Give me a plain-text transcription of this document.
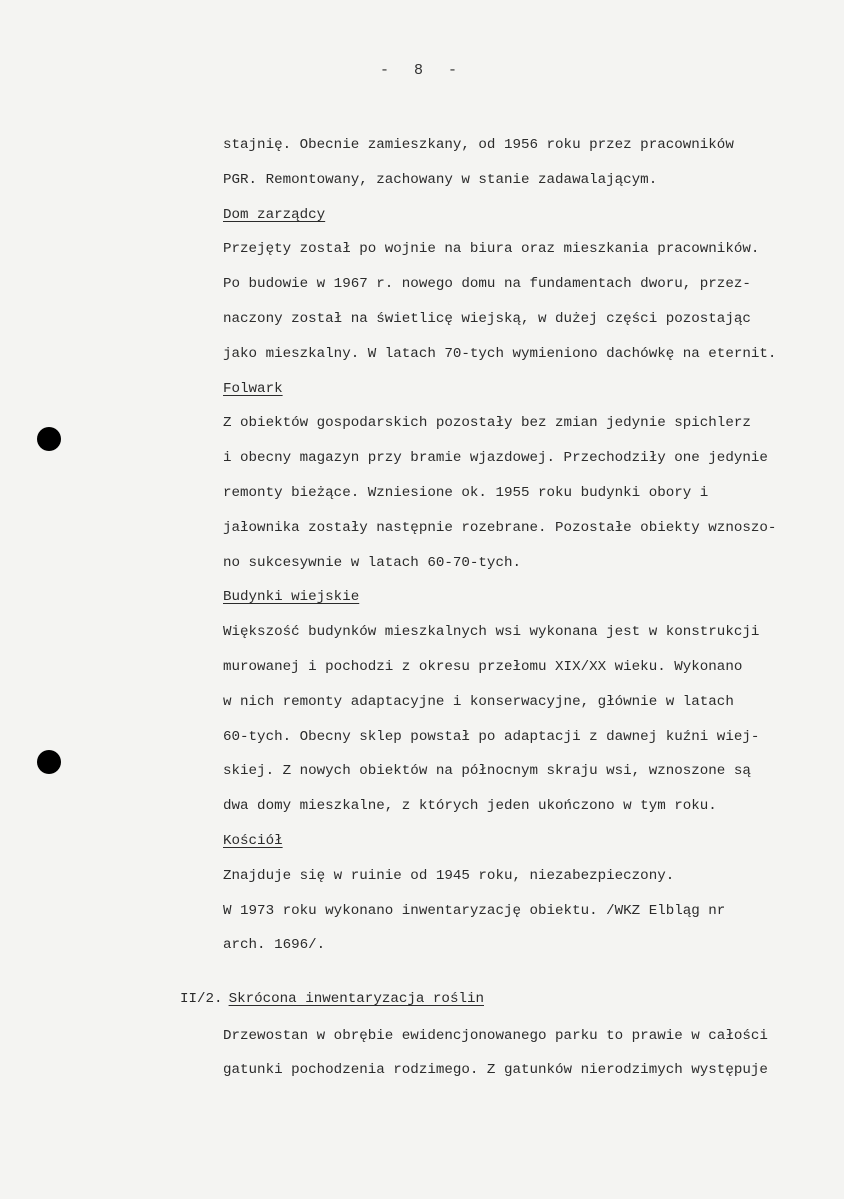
- 8 -
stajnię. Obecnie zamieszkany, od 1956 roku przez pracowników
PGR. Remontowany, zachowany w stanie zadawalającym.
Dom zarządcy
Przejęty został po wojnie na biura oraz mieszkania pracowników.
Po budowie w 1967 r. nowego domu na fundamentach dworu, przez-
naczony został na świetlicę wiejską, w dużej części pozostając
jako mieszkalny. W latach 70-tych wymieniono dachówkę na eternit.
Folwark
Z obiektów gospodarskich pozostały bez zmian jedynie spichlerz
i obecny magazyn przy bramie wjazdowej. Przechodziły one jedynie
remonty bieżące. Wzniesione ok. 1955 roku budynki obory i
jałownika zostały następnie rozebrane. Pozostałe obiekty wznoszo-
no sukcesywnie w latach 60-70-tych.
Budynki wiejskie
Większość budynków mieszkalnych wsi wykonana jest w konstrukcji
murowanej i pochodzi z okresu przełomu XIX/XX wieku. Wykonano
w nich remonty adaptacyjne i konserwacyjne, głównie w latach
60-tych. Obecny sklep powstał po adaptacji z dawnej kuźni wiej-
skiej. Z nowych obiektów na północnym skraju wsi, wznoszone są
dwa domy mieszkalne, z których jeden ukończono w tym roku.
Kościół
Znajduje się w ruinie od 1945 roku, niezabezpieczony.
W 1973 roku wykonano inwentaryzację obiektu. /WKZ Elbląg nr
arch. 1696/.
II/2. Skrócona inwentaryzacja roślin
Drzewostan w obrębie ewidencjonowanego parku to prawie w całości
gatunki pochodzenia rodzimego. Z gatunków nierodzimych występuje
